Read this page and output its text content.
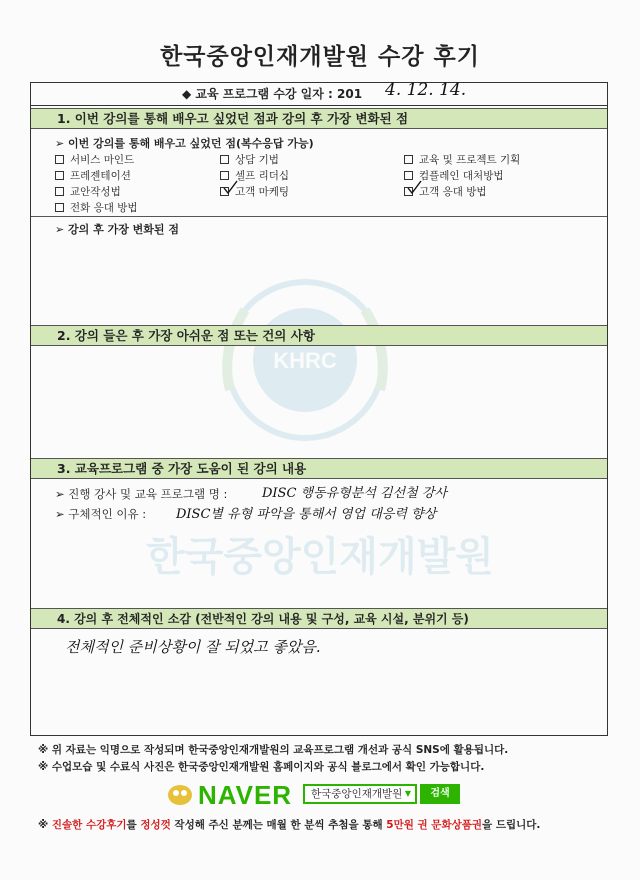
한국중앙인재개발원 수강 후기
KHRC
한국중앙인재개발원
◆ 교육 프로그램 수강 일자 : 201 4. 12. 14.
1. 이번 강의를 통해 배우고 싶었던 점과 강의 후 가장 변화된 점
➢ 이번 강의를 통해 배우고 싶었던 점(복수응답 가능)
서비스 마인드	상담 기법	교육 및 프로젝트 기획
프레젠테이션	셀프 리더십	컴플레인 대처방법
교안작성법	고객 마케팅	고객 응대 방법
전화 응대 방법
➢ 강의 후 가장 변화된 점
2. 강의 들은 후 가장 아쉬운 점 또는 건의 사항
3. 교육프로그램 중 가장 도움이 된 강의 내용
➢ 진행 강사 및 교육 프로그램 명 :	DISC 행동유형분석 김선철 강사
➢ 구체적인 이유 : DISC별 유형 파악을 통해서 영업 대응력 향상
4. 강의 후 전체적인 소감 (전반적인 강의 내용 및 구성, 교육 시설, 분위기 등)
전체적인 준비상황이 잘 되었고 좋았음.
※ 위 자료는 익명으로 작성되며 한국중앙인재개발원의 교육프로그램 개선과 공식 SNS에 활용됩니다.
※ 수업모습 및 수료식 사진은 한국중앙인재개발원 홈페이지와 공식 블로그에서 확인 가능합니다.
NAVER	한국중앙인재개발원 ▼	검색
※ 진솔한 수강후기를 정성껏 작성해 주신 분께는 매월 한 분씩 추첨을 통해 5만원 권 문화상품권을 드립니다.
